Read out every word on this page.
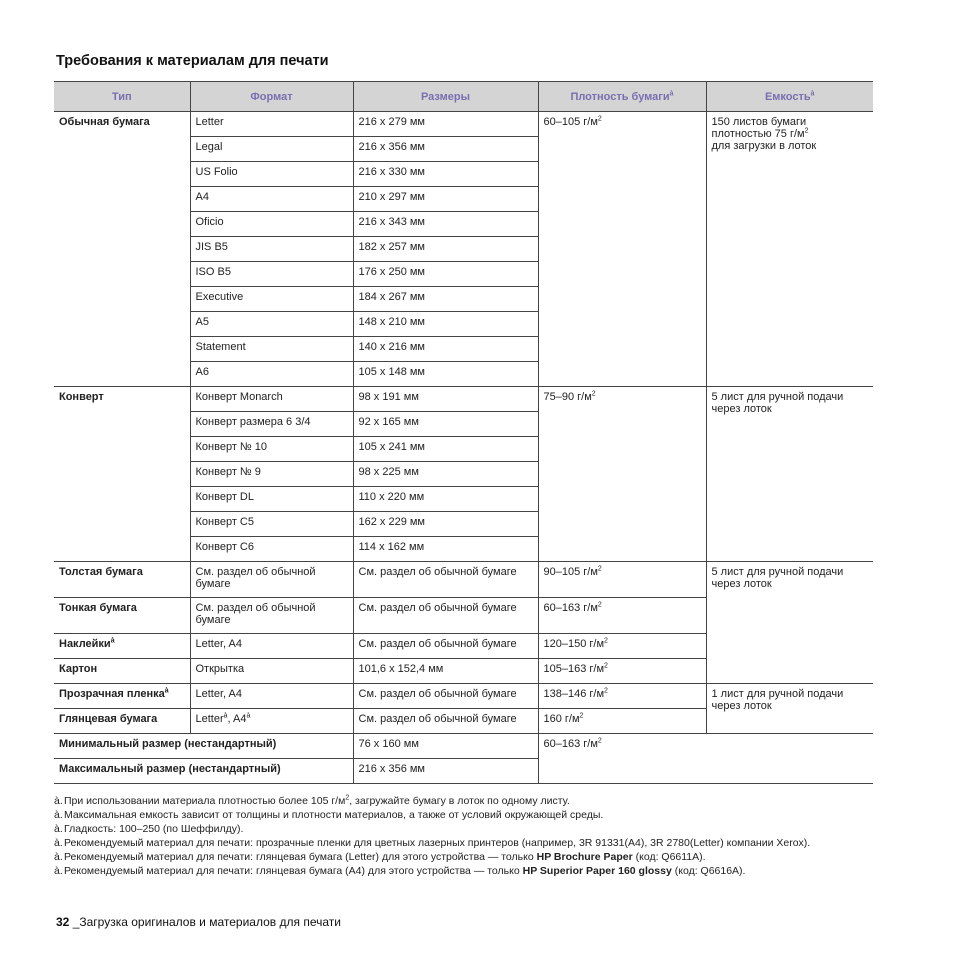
Требования к материалам для печати
Тип	Формат	Размеры	Плотность бумаги$^à$	Емкость$^à$
Обычная бумага	Letter	216 x 279 мм	60–105 $г/м^2$	150 листов бумаги
плотностью 75 $г/м^2$
для загрузки в лоток
	Legal	216 x 356 мм		
	US Folio	216 x 330 мм		
	A4	210 x 297 мм		
	Oficio	216 x 343 мм		
	JIS B5	182 x 257 мм		
	ISO B5	176 x 250 мм		
	Executive	184 x 267 мм		
	A5	148 x 210 мм		
	Statement	140 x 216 мм		
	A6	105 x 148 мм		
Конверт	Конверт Monarch	98 x 191 мм	75–90 $г/м^2$	5 лист для ручной подачи через лоток
	Конверт размера 6 3/4	92 x 165 мм		
	Конверт № 10	105 x 241 мм		
	Конверт № 9	98 x 225 мм		
	Конверт DL	110 x 220 мм		
	Конверт C5	162 x 229 мм		
	Конверт C6	114 x 162 мм		
Толстая бумага	См. раздел об обычной бумаге	См. раздел об обычной бумаге	90–105 $г/м^2$	5 лист для ручной подачи через лоток
Тонкая бумага	См. раздел об обычной бумаге	См. раздел об обычной бумаге	60–163 $г/м^2$
Наклейки$^à$	Letter, A4	См. раздел об обычной бумаге	120–150 $г/м^2$
Картон	Открытка	101,6 x 152,4 мм	105–163 $г/м^2$
Прозрачная пленка$^à$	Letter, A4	См. раздел об обычной бумаге	138–146 $г/м^2$	1 лист для ручной подачи через лоток
Глянцевая бумага	Letter$^à$, $A4^à$	См. раздел об обычной бумаге	160 $г/м^2$
Минимальный размер (нестандартный)		76 x 160 мм	60–163 $г/м^2$
Максимальный размер (нестандартный)		216 x 356 мм		
à. При использовании материала плотностью более 105 $г/м^2$, загружайте бумагу в лоток по одному листу.
à. Максимальная емкость зависит от толщины и плотности материалов, а также от условий окружающей среды.
à. Гладкость: 100–250 (по Шеффилду).
à. Рекомендуемый материал для печати: прозрачные пленки для цветных лазерных принтеров (например, 3R 91331(A4), 3R 2780(Letter) компании Xerox).
à. Рекомендуемый материал для печати: глянцевая бумага (Letter) для этого устройства — только HP Brochure Paper (код: Q6611A).
à. Рекомендуемый материал для печати: глянцевая бумага (A4) для этого устройства — только HP Superior Paper 160 glossy (код: Q6616A).
32 _Загрузка оригиналов и материалов для печати
